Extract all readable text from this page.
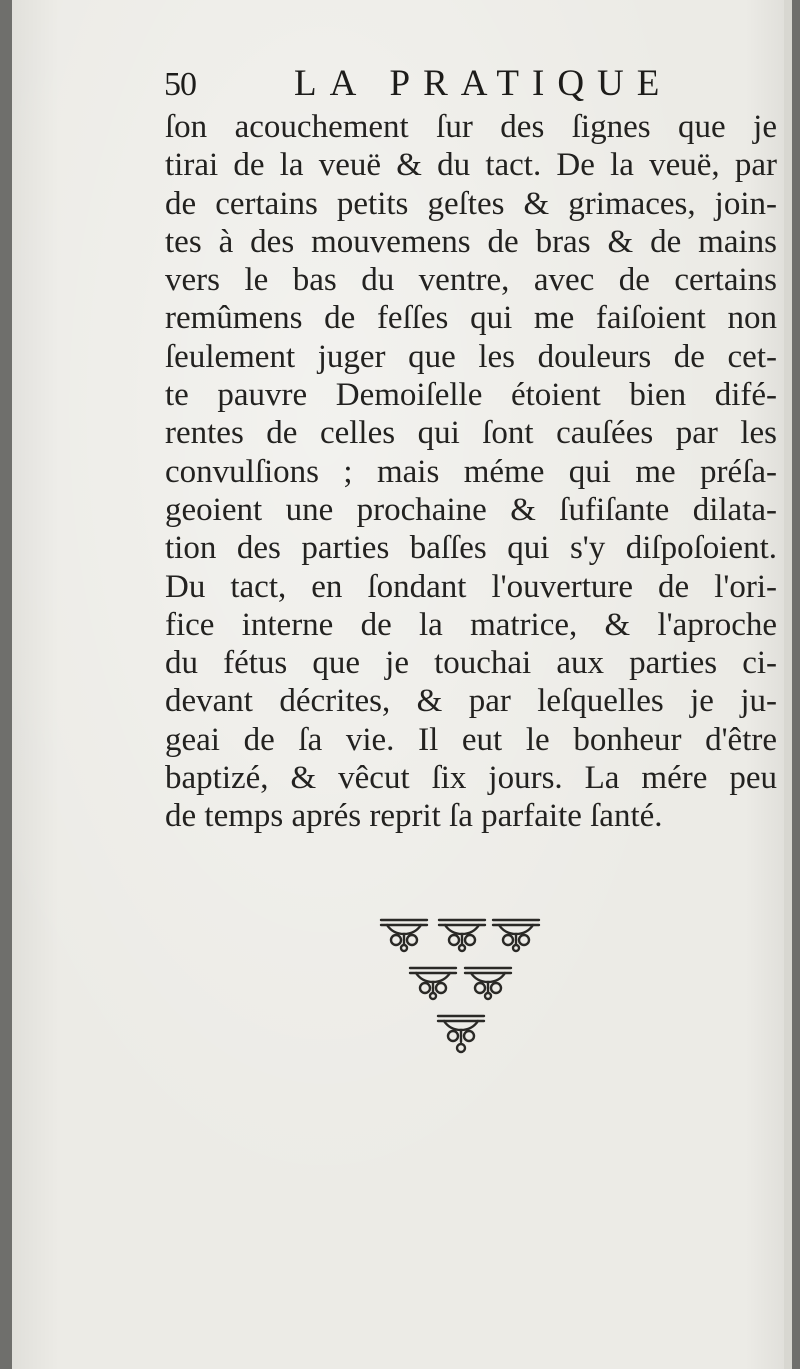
50	LA PRATIQUE
ſon acouchement ſur des ſignes que je
tirai de la veuë & du tact. De la veuë, par
de certains petits geſtes & grimaces, join-
tes à des mouvemens de bras & de mains
vers le bas du ventre, avec de certains
remûmens de feſſes qui me faiſoient non
ſeulement juger que les douleurs de cet-
te pauvre Demoiſelle étoient bien difé-
rentes de celles qui ſont cauſées par les
convulſions ; mais méme qui me préſa-
geoient une prochaine & ſufiſante dilata-
tion des parties baſſes qui s'y diſpoſoient.
Du tact, en ſondant l'ouverture de l'ori-
fice interne de la matrice, & l'aproche
du fétus que je touchai aux parties ci-
devant décrites, & par leſquelles je ju-
geai de ſa vie. Il eut le bonheur d'être
baptizé, & vêcut ſix jours. La mére peu
de temps aprés reprit ſa parfaite ſanté.
